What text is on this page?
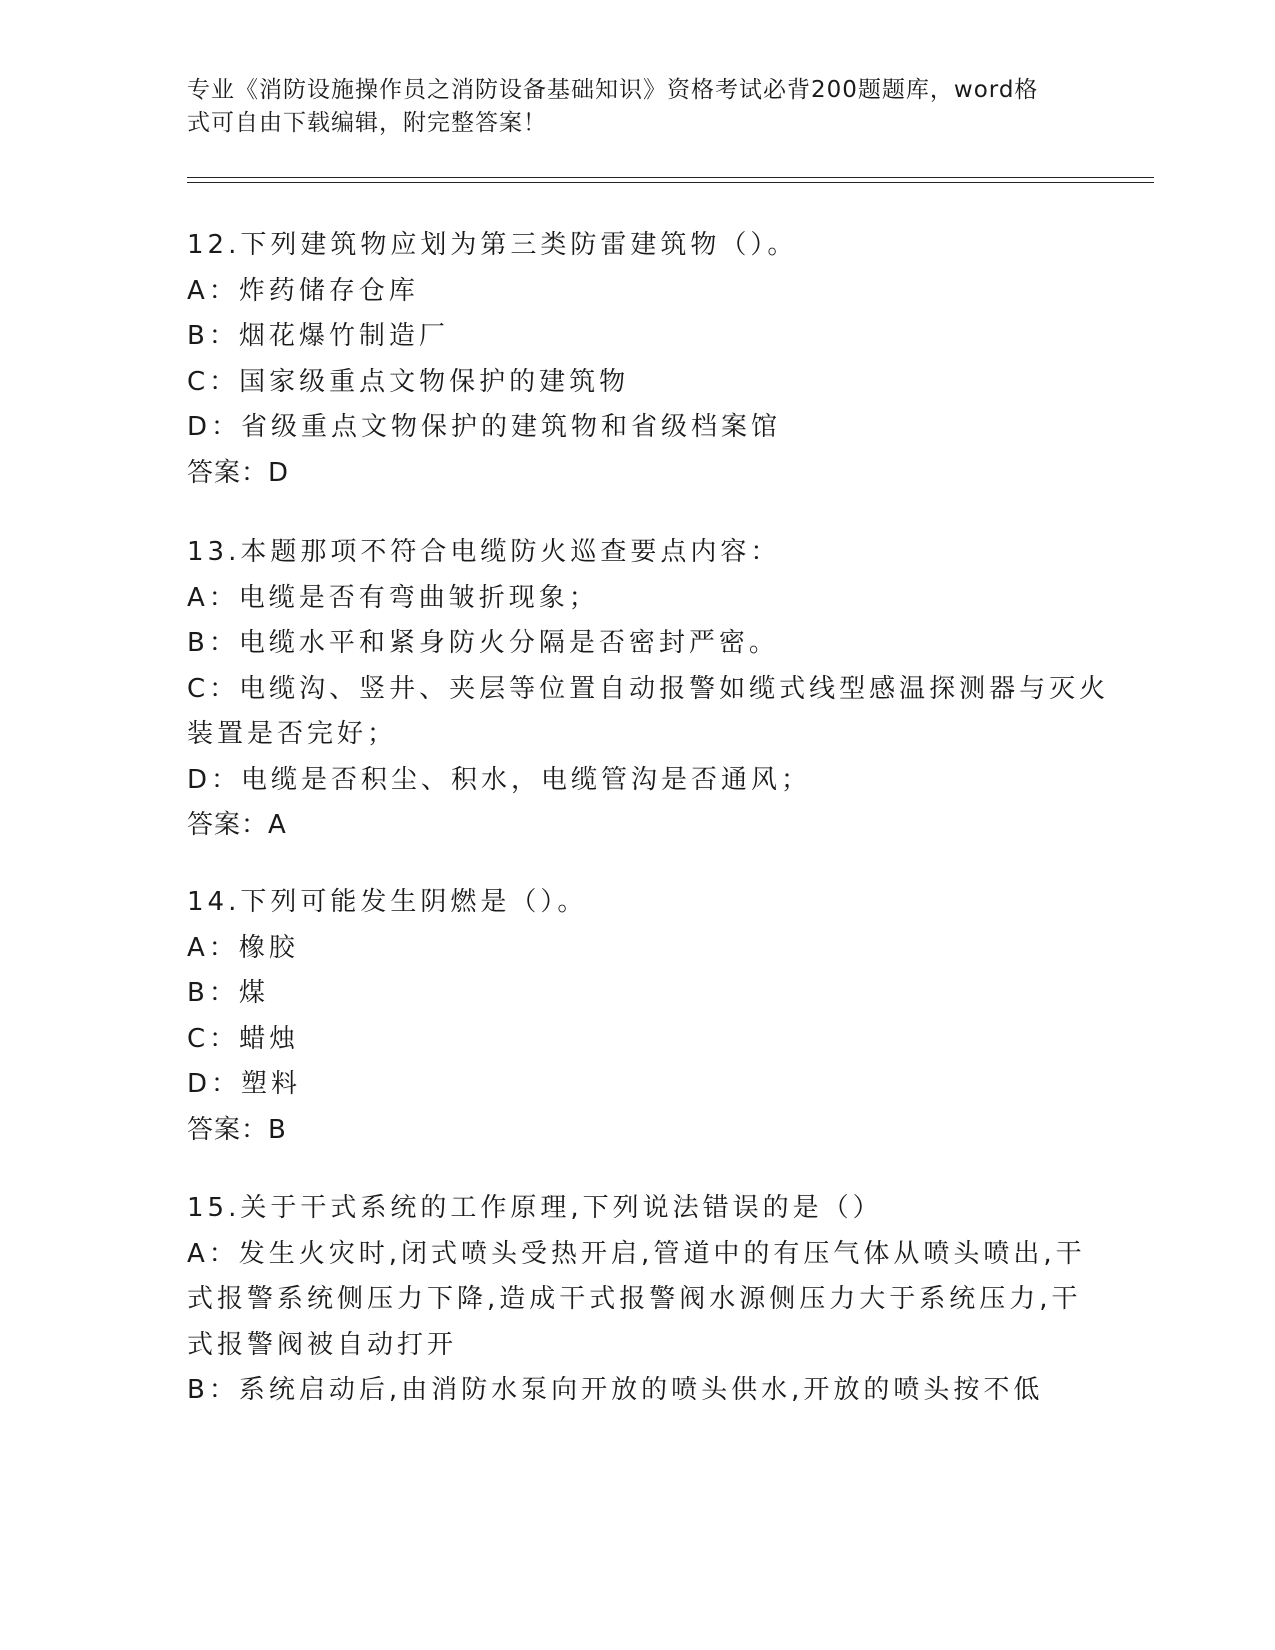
专业《消防设施操作员之消防设备基础知识》资格考试必背200题题库，word格
式可自由下载编辑，附完整答案！
12.下列建筑物应划为第三类防雷建筑物（）。
A：炸药储存仓库
B：烟花爆竹制造厂
C：国家级重点文物保护的建筑物
D：省级重点文物保护的建筑物和省级档案馆
答案：D
13.本题那项不符合电缆防火巡查要点内容：
A：电缆是否有弯曲皱折现象；
B：电缆水平和紧身防火分隔是否密封严密。
C：电缆沟、竖井、夹层等位置自动报警如缆式线型感温探测器与灭火
装置是否完好；
D：电缆是否积尘、积水，电缆管沟是否通风；
答案：A
14.下列可能发生阴燃是（）。
A：橡胶
B：煤
C：蜡烛
D：塑料
答案：B
15.关于干式系统的工作原理,下列说法错误的是（）
A：发生火灾时,闭式喷头受热开启,管道中的有压气体从喷头喷出,干
式报警系统侧压力下降,造成干式报警阀水源侧压力大于系统压力,干
式报警阀被自动打开
B：系统启动后,由消防水泵向开放的喷头供水,开放的喷头按不低
